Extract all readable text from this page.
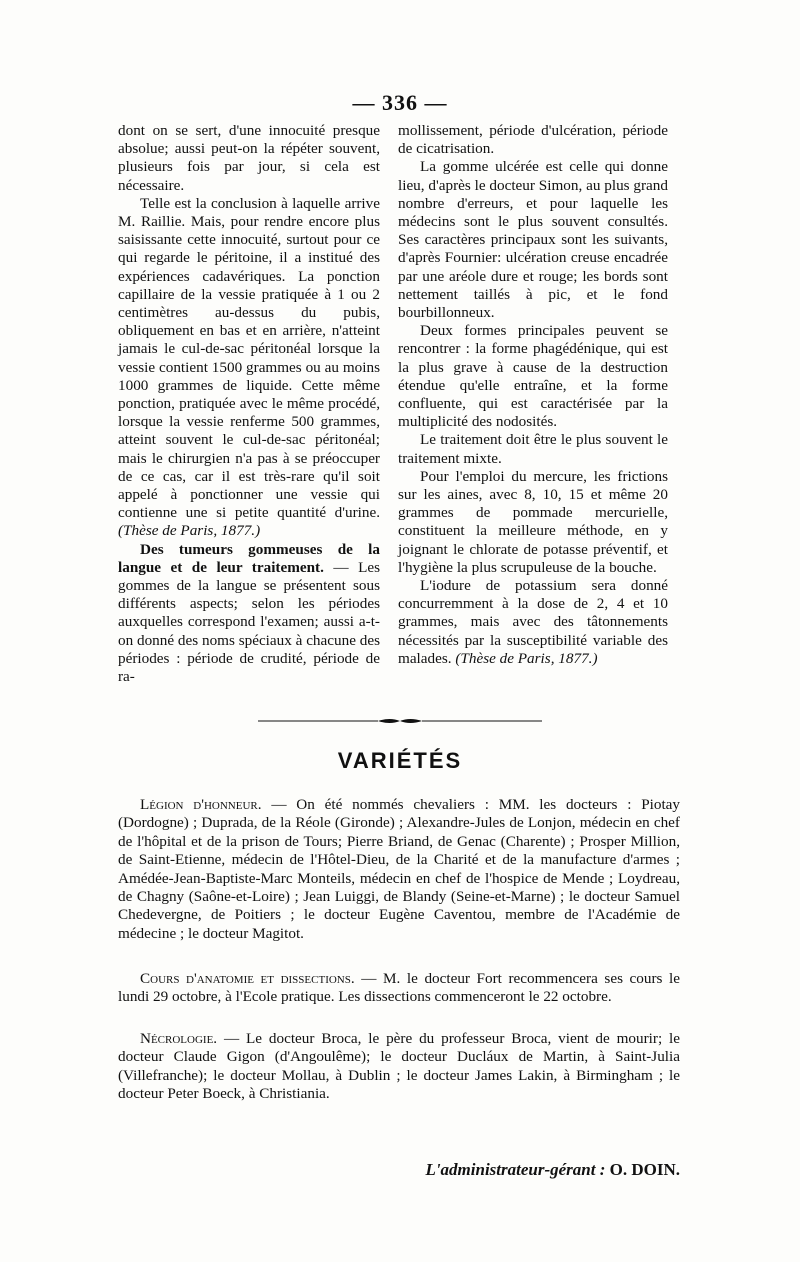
— 336 —

dont on se sert, d'une innocuité presque absolue; aussi peut-on la répéter souvent, plusieurs fois par jour, si cela est nécessaire.

Telle est la conclusion à laquelle arrive M. Raillie. Mais, pour rendre encore plus saisissante cette innocuité, surtout pour ce qui regarde le péritoine, il a institué des expériences cadavériques. La ponction capillaire de la vessie pratiquée à 1 ou 2 centimètres au-dessus du pubis, obliquement en bas et en arrière, n'atteint jamais le cul-de-sac péritonéal lorsque la vessie contient 1500 grammes ou au moins 1000 grammes de liquide. Cette même ponction, pratiquée avec le même procédé, lorsque la vessie renferme 500 grammes, atteint souvent le cul-de-sac péritonéal; mais le chirurgien n'a pas à se préoccuper de ce cas, car il est très-rare qu'il soit appelé à ponctionner une vessie qui contienne une si petite quantité d'urine. (Thèse de Paris, 1877.)

Des tumeurs gommeuses de la langue et de leur traitement. — Les gommes de la langue se présentent sous différents aspects; selon les périodes auxquelles correspond l'examen; aussi a-t-on donné des noms spéciaux à chacune des périodes : période de crudité, période de ra-

mollissement, période d'ulcération, période de cicatrisation.

La gomme ulcérée est celle qui donne lieu, d'après le docteur Simon, au plus grand nombre d'erreurs, et pour laquelle les médecins sont le plus souvent consultés. Ses caractères principaux sont les suivants, d'après Fournier: ulcération creuse encadrée par une aréole dure et rouge; les bords sont nettement taillés à pic, et le fond bourbillonneux.

Deux formes principales peuvent se rencontrer : la forme phagédénique, qui est la plus grave à cause de la destruction étendue qu'elle entraîne, et la forme confluente, qui est caractérisée par la multiplicité des nodosités.

Le traitement doit être le plus souvent le traitement mixte.

Pour l'emploi du mercure, les frictions sur les aines, avec 8, 10, 15 et même 20 grammes de pommade mercurielle, constituent la meilleure méthode, en y joignant le chlorate de potasse préventif, et l'hygiène la plus scrupuleuse de la bouche.

L'iodure de potassium sera donné concurremment à la dose de 2, 4 et 10 grammes, mais avec des tâtonnements nécessités par la susceptibilité variable des malades. (Thèse de Paris, 1877.)

VARIÉTÉS

Légion d'honneur. — On été nommés chevaliers : MM. les docteurs : Piotay (Dordogne) ; Duprada, de la Réole (Gironde) ; Alexandre-Jules de Lonjon, médecin en chef de l'hôpital et de la prison de Tours; Pierre Briand, de Genac (Charente) ; Prosper Million, de Saint-Etienne, médecin de l'Hôtel-Dieu, de la Charité et de la manufacture d'armes ; Amédée-Jean-Baptiste-Marc Monteils, médecin en chef de l'hospice de Mende ; Loydreau, de Chagny (Saône-et-Loire) ; Jean Luiggi, de Blandy (Seine-et-Marne) ; le docteur Samuel Chedevergne, de Poitiers ; le docteur Eugène Caventou, membre de l'Académie de médecine ; le docteur Magitot.

Cours d'anatomie et dissections. — M. le docteur Fort recommencera ses cours le lundi 29 octobre, à l'Ecole pratique. Les dissections commenceront le 22 octobre.

Nécrologie. — Le docteur Broca, le père du professeur Broca, vient de mourir; le docteur Claude Gigon (d'Angoulême); le docteur Ducláux de Martin, à Saint-Julia (Villefranche); le docteur Mollau, à Dublin ; le docteur James Lakin, à Birmingham ; le docteur Peter Boeck, à Christiania.

L'administrateur-gérant : O. DOIN.
